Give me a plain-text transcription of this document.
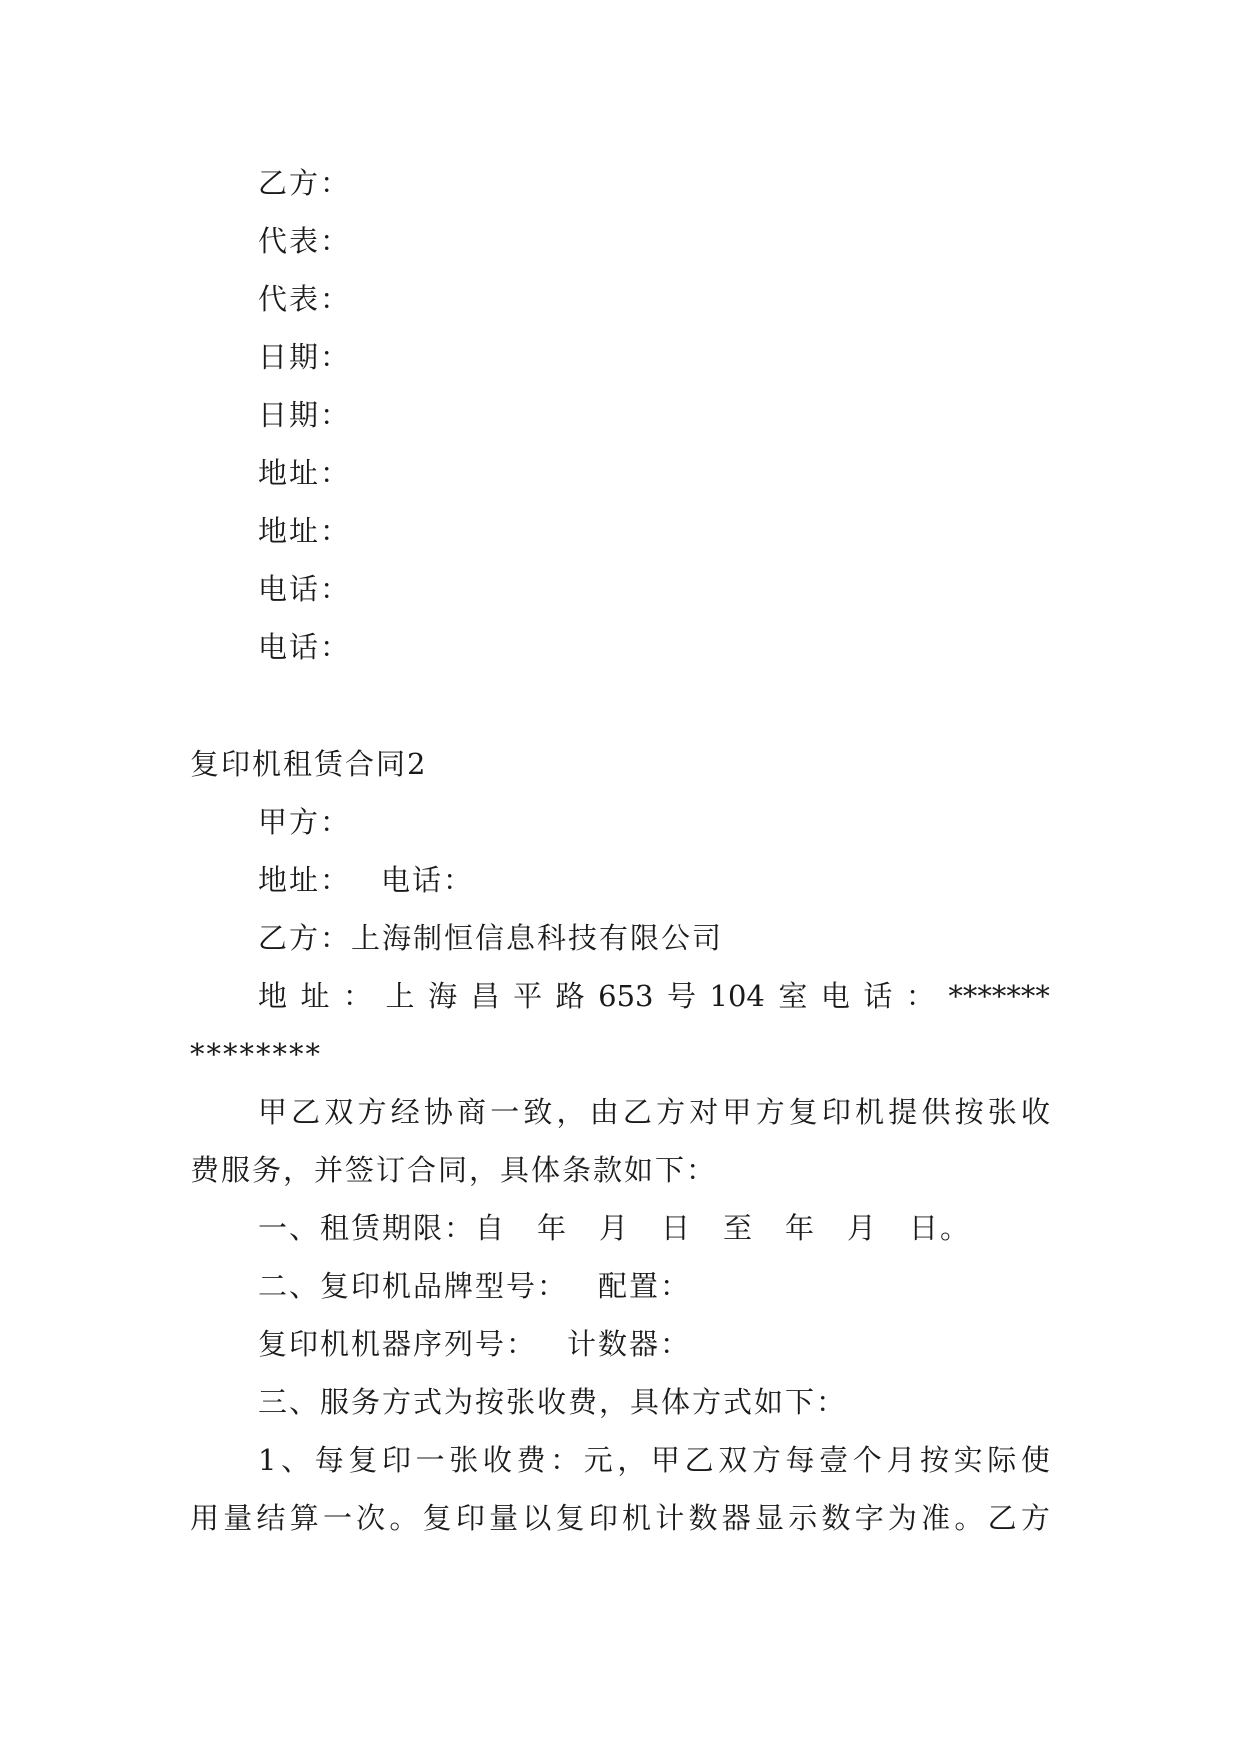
乙方：
代表：
代表：
日期：
日期：
地址：
地址：
电话：
电话：
复印机租赁合同2
甲方：
地址： 电话：
乙方：上海制恒信息科技有限公司
地 址 ： 上 海 昌 平 路 653 号 104 室 电 话 ： *******
********
甲 乙 双 方 经 协 商 一 致 ， 由 乙 方 对 甲 方 复 印 机 提 供 按 张 收
费服务，并签订合同，具体条款如下：
一、租赁期限：自　年　月　日　至　年　月　日。
二、复印机品牌型号： 配置：
复印机机器序列号： 计数器：
三、服务方式为按张收费，具体方式如下：
1 、 每 复 印 一 张 收 费 ： 元 ， 甲 乙 双 方 每 壹 个 月 按 实 际 使
用 量 结 算 一 次 。 复 印 量 以 复 印 机 计 数 器 显 示 数 字 为 准 。 乙 方
